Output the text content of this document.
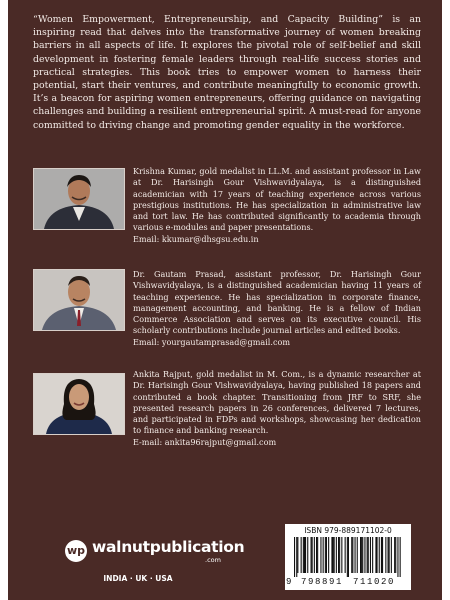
“Women Empowerment, Entrepreneurship, and Capacity Building” is an inspiring read that delves into the transformative journey of women breaking barriers in all aspects of life. It explores the pivotal role of self-belief and skill development in fostering female leaders through real-life success stories and practical strategies. This book tries to empower women to harness their potential, start their ventures, and contribute meaningfully to economic growth. It’s a beacon for aspiring women entrepreneurs, offering guidance on navigating challenges and building a resilient entrepreneurial spirit. A must-read for anyone committed to driving change and promoting gender equality in the workforce.

Krishna Kumar, gold medalist in LL.M. and assistant professor in Law at Dr. Harisingh Gour Vishwavidyalaya, is a distinguished academician with 17 years of teaching experience across various prestigious institutions. He has specialization in administrative law and tort law. He has contributed significantly to academia through various e-modules and paper presentations.
Email: kkumar@dhsgsu.edu.in

Dr. Gautam Prasad, assistant professor, Dr. Harisingh Gour Vishwavidyalaya, is a distinguished academician having 11 years of teaching experience. He has specialization in corporate finance, management accounting, and banking. He is a fellow of Indian Commerce Association and serves on its executive council. His scholarly contributions include journal articles and edited books.
Email: yourgautamprasad@gmail.com

Ankita Rajput, gold medalist in M. Com., is a dynamic researcher at Dr. Harisingh Gour Vishwavidyalaya, having published 18 papers and contributed a book chapter. Transitioning from JRF to SRF, she presented research papers in 26 conferences, delivered 7 lectures, and participated in FDPs and workshops, showcasing her dedication to finance and banking research.
E-mail: ankita96rajput@gmail.com

wp walnutpublication
.com
INDIA · UK · USA
ISBN 979-889171102-0
9 798891 711020
